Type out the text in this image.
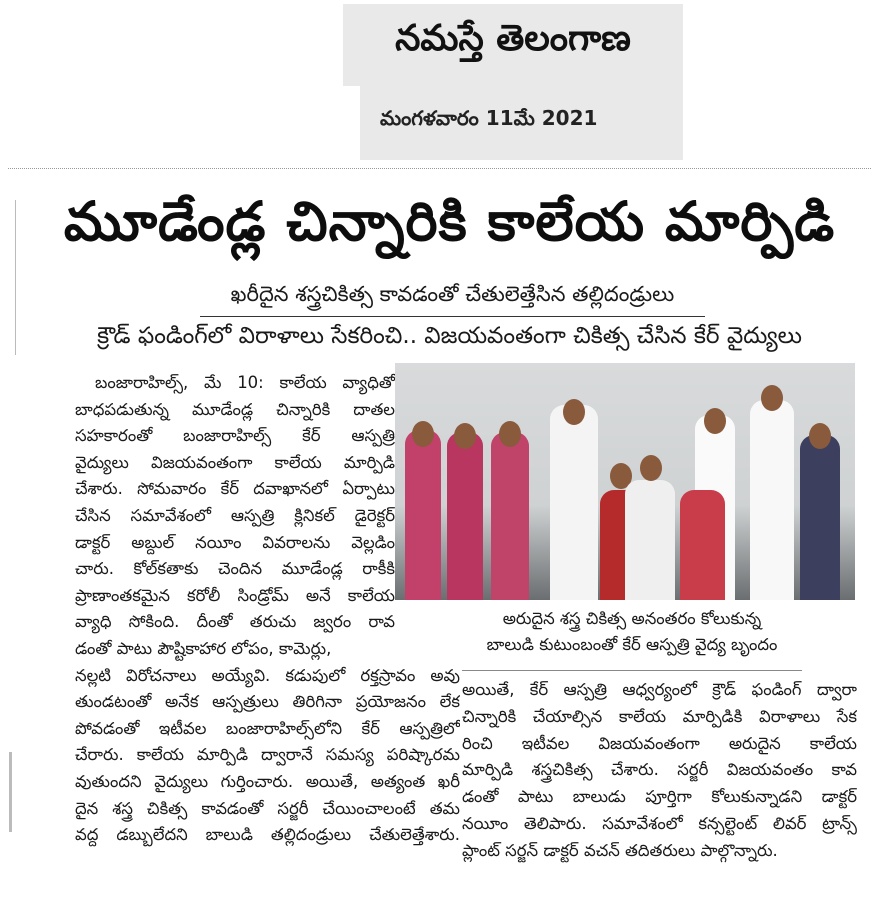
నమస్తే తెలంగాణ
మంగళవారం 11మే 2021
మూడేండ్ల చిన్నారికి కాలేయ మార్పిడి
ఖరీదైన శస్త్రచికిత్స కావడంతో చేతులెత్తేసిన తల్లిదండ్రులు
క్రౌడ్ ఫండింగ్‌లో విరాళాలు సేకరించి.. విజయవంతంగా చికిత్స చేసిన కేర్ వైద్యులు
బంజారాహిల్స్, మే 10: కాలేయ వ్యాధితో
బాధపడుతున్న మూడేండ్ల చిన్నారికి దాతల
సహకారంతో బంజారాహిల్స్ కేర్ ఆస్పత్రి
వైద్యులు విజయవంతంగా కాలేయ మార్పిడి
చేశారు. సోమవారం కేర్ దవాఖానలో ఏర్పాటు
చేసిన సమావేశంలో ఆస్పత్రి క్లినికల్ డైరెక్టర్
డాక్టర్ అబ్దుల్ నయీం వివరాలను వెల్లడిం
చారు. కోల్‌కతాకు చెందిన మూడేండ్ల రాకీకి
ప్రాణాంతకమైన కరోలీ సిండ్రోమ్ అనే కాలేయ
వ్యాధి సోకింది. దీంతో తరుచు జ్వరం రావ
డంతో పాటు పౌష్టికాహార లోపం, కామెర్లు,
నల్లటి విరోచనాలు అయ్యేవి. కడుపులో రక్తస్రావం అవు
తుండటంతో అనేక ఆస్పత్రులు తిరిగినా ప్రయోజనం లేక
పోవడంతో ఇటీవల బంజారాహిల్స్‌లోని కేర్ ఆస్పత్రిలో
చేరారు. కాలేయ మార్పిడి ద్వారానే సమస్య పరిష్కారమ
వుతుందని వైద్యులు గుర్తించారు. అయితే, అత్యంత ఖరీ
దైన శస్త్ర చికిత్స కావడంతో సర్జరీ చేయించాలంటే తమ
వద్ద డబ్బులేదని బాలుడి తల్లిదండ్రులు చేతులెత్తేశారు.
అరుదైన శస్త్ర చికిత్స అనంతరం కోలుకున్న
బాలుడి కుటుంబంతో కేర్ ఆస్పత్రి వైద్య బృందం
అయితే, కేర్ ఆస్పత్రి ఆధ్వర్యంలో క్రౌడ్ ఫండింగ్ ద్వారా
చిన్నారికి చేయాల్సిన కాలేయ మార్పిడికి విరాళాలు సేక
రించి ఇటీవల విజయవంతంగా అరుదైన కాలేయ
మార్పిడి శస్త్రచికిత్స చేశారు. సర్జరీ విజయవంతం కావ
డంతో పాటు బాలుడు పూర్తిగా కోలుకున్నాడని డాక్టర్
నయీం తెలిపారు. సమావేశంలో కన్సల్టెంట్ లివర్ ట్రాన్స్
ప్లాంట్ సర్జన్ డాక్టర్ వచన్ తదితరులు పాల్గొన్నారు.
